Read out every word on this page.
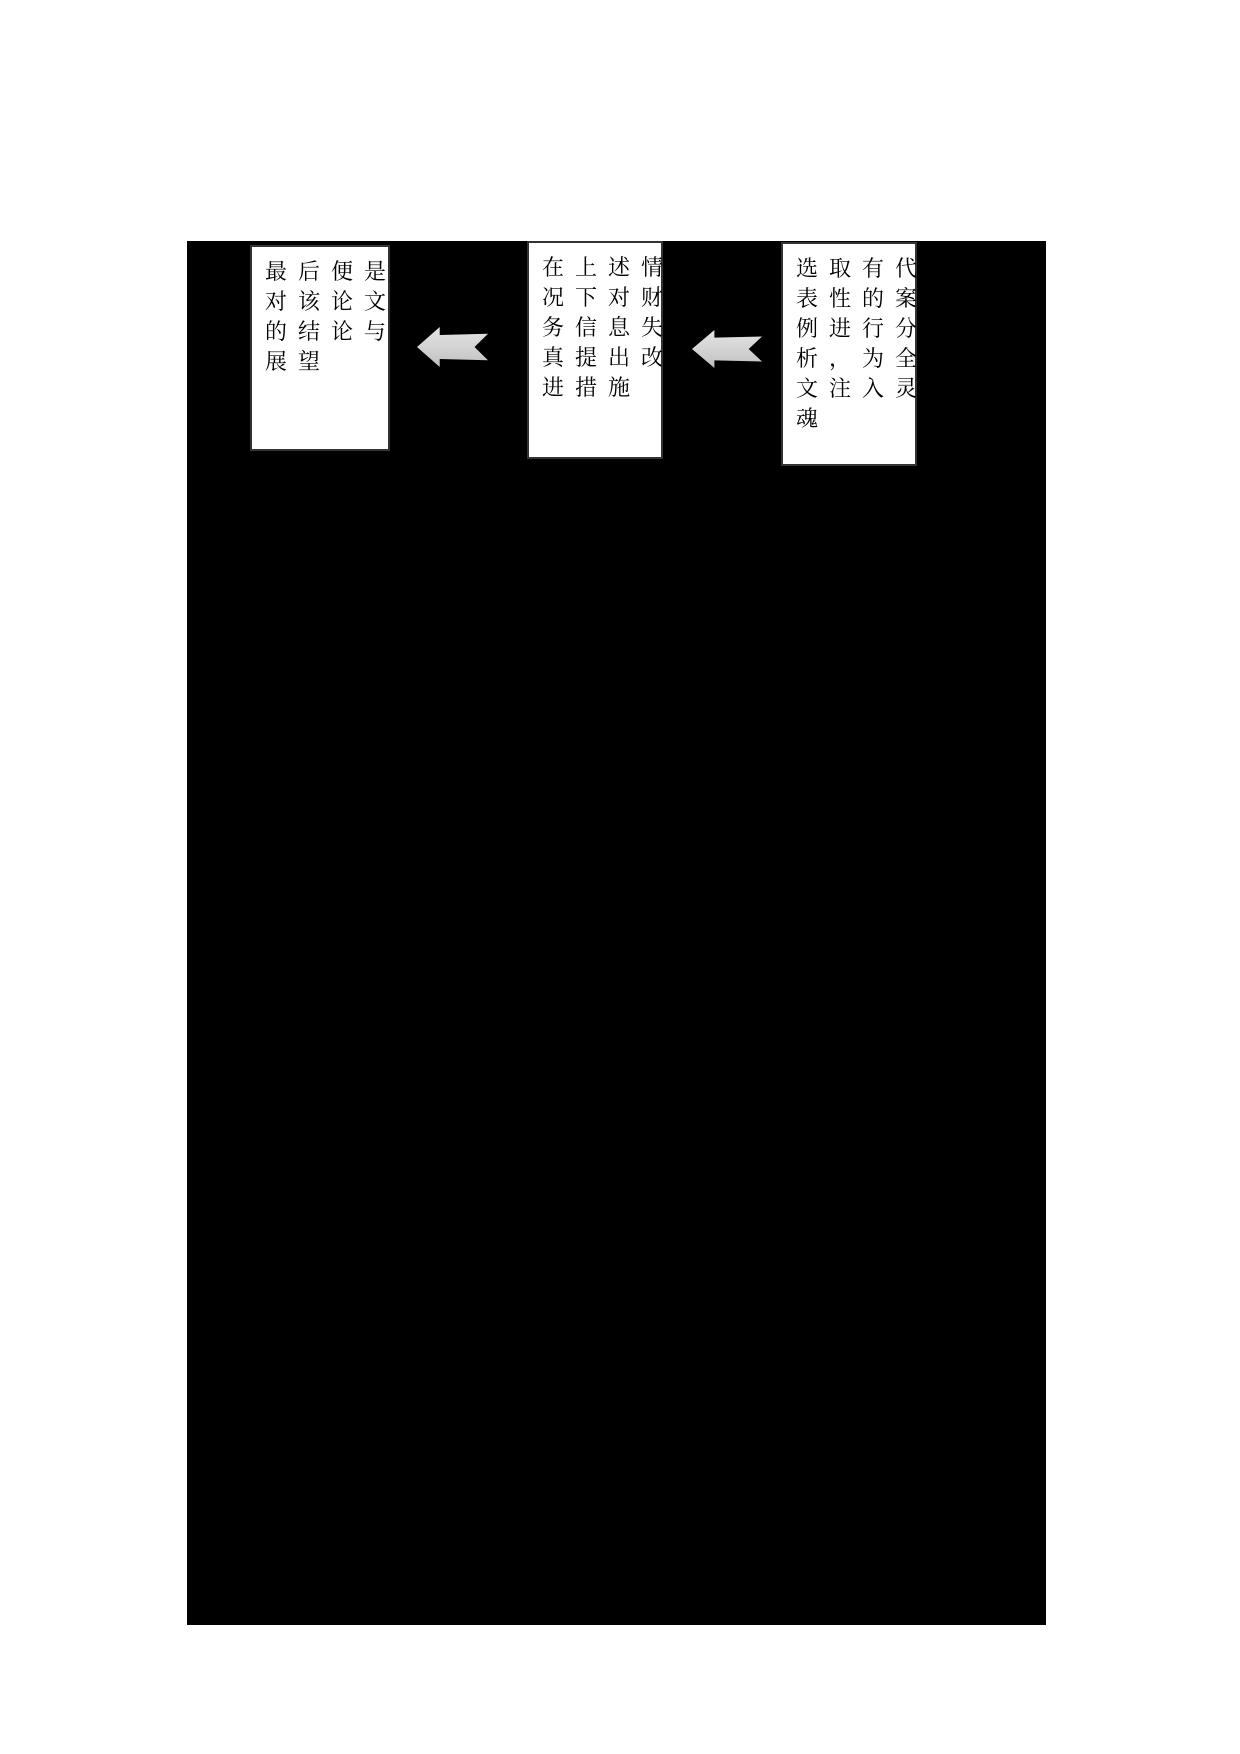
最后便是
对该论文
的结论与
展望
在上述情
况下对财
务信息失
真提出改
进措施
选取有代
表性的案
例进行分
析，为全
文注入灵
魂
